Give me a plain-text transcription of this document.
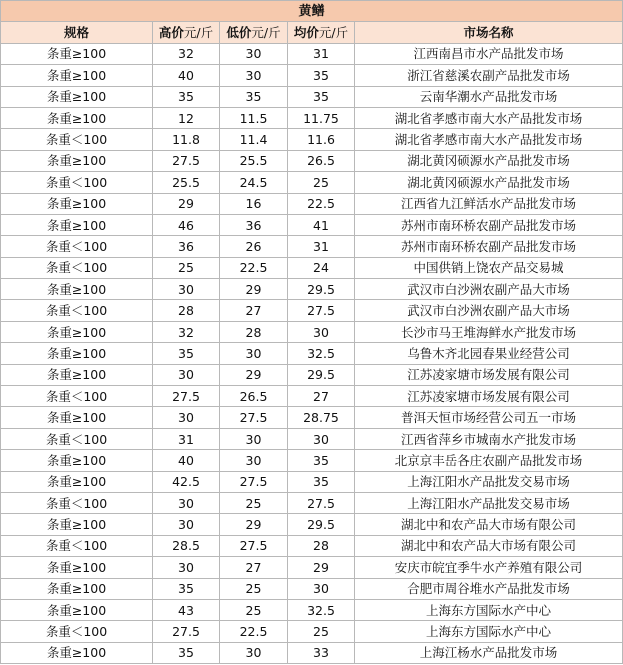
黄鳝				
规格	高价元/斤	低价元/斤	均价元/斤	市场名称
条重≥100	32	30	31	江西南昌市水产品批发市场
条重≥100	40	30	35	浙江省慈溪农副产品批发市场
条重≥100	35	35	35	云南华潮水产品批发市场
条重≥100	12	11.5	11.75	湖北省孝感市南大水产品批发市场
条重＜100	11.8	11.4	11.6	湖北省孝感市南大水产品批发市场
条重≥100	27.5	25.5	26.5	湖北黄冈硕源水产品批发市场
条重＜100	25.5	24.5	25	湖北黄冈硕源水产品批发市场
条重≥100	29	16	22.5	江西省九江鲜活水产品批发市场
条重≥100	46	36	41	苏州市南环桥农副产品批发市场
条重＜100	36	26	31	苏州市南环桥农副产品批发市场
条重＜100	25	22.5	24	中国供销上饶农产品交易城
条重≥100	30	29	29.5	武汉市白沙洲农副产品大市场
条重＜100	28	27	27.5	武汉市白沙洲农副产品大市场
条重≥100	32	28	30	长沙市马王堆海鲜水产批发市场
条重≥100	35	30	32.5	乌鲁木齐北园春果业经营公司
条重≥100	30	29	29.5	江苏凌家塘市场发展有限公司
条重＜100	27.5	26.5	27	江苏凌家塘市场发展有限公司
条重≥100	30	27.5	28.75	普洱天恒市场经营公司五一市场
条重＜100	31	30	30	江西省萍乡市城南水产批发市场
条重≥100	40	30	35	北京京丰岳各庄农副产品批发市场
条重≥100	42.5	27.5	35	上海江阳水产品批发交易市场
条重＜100	30	25	27.5	上海江阳水产品批发交易市场
条重≥100	30	29	29.5	湖北中和农产品大市场有限公司
条重＜100	28.5	27.5	28	湖北中和农产品大市场有限公司
条重≥100	30	27	29	安庆市皖宜季牛水产养殖有限公司
条重≥100	35	25	30	合肥市周谷堆水产品批发市场
条重≥100	43	25	32.5	上海东方国际水产中心
条重＜100	27.5	22.5	25	上海东方国际水产中心
条重≥100	35	30	33	上海江杨水产品批发市场
